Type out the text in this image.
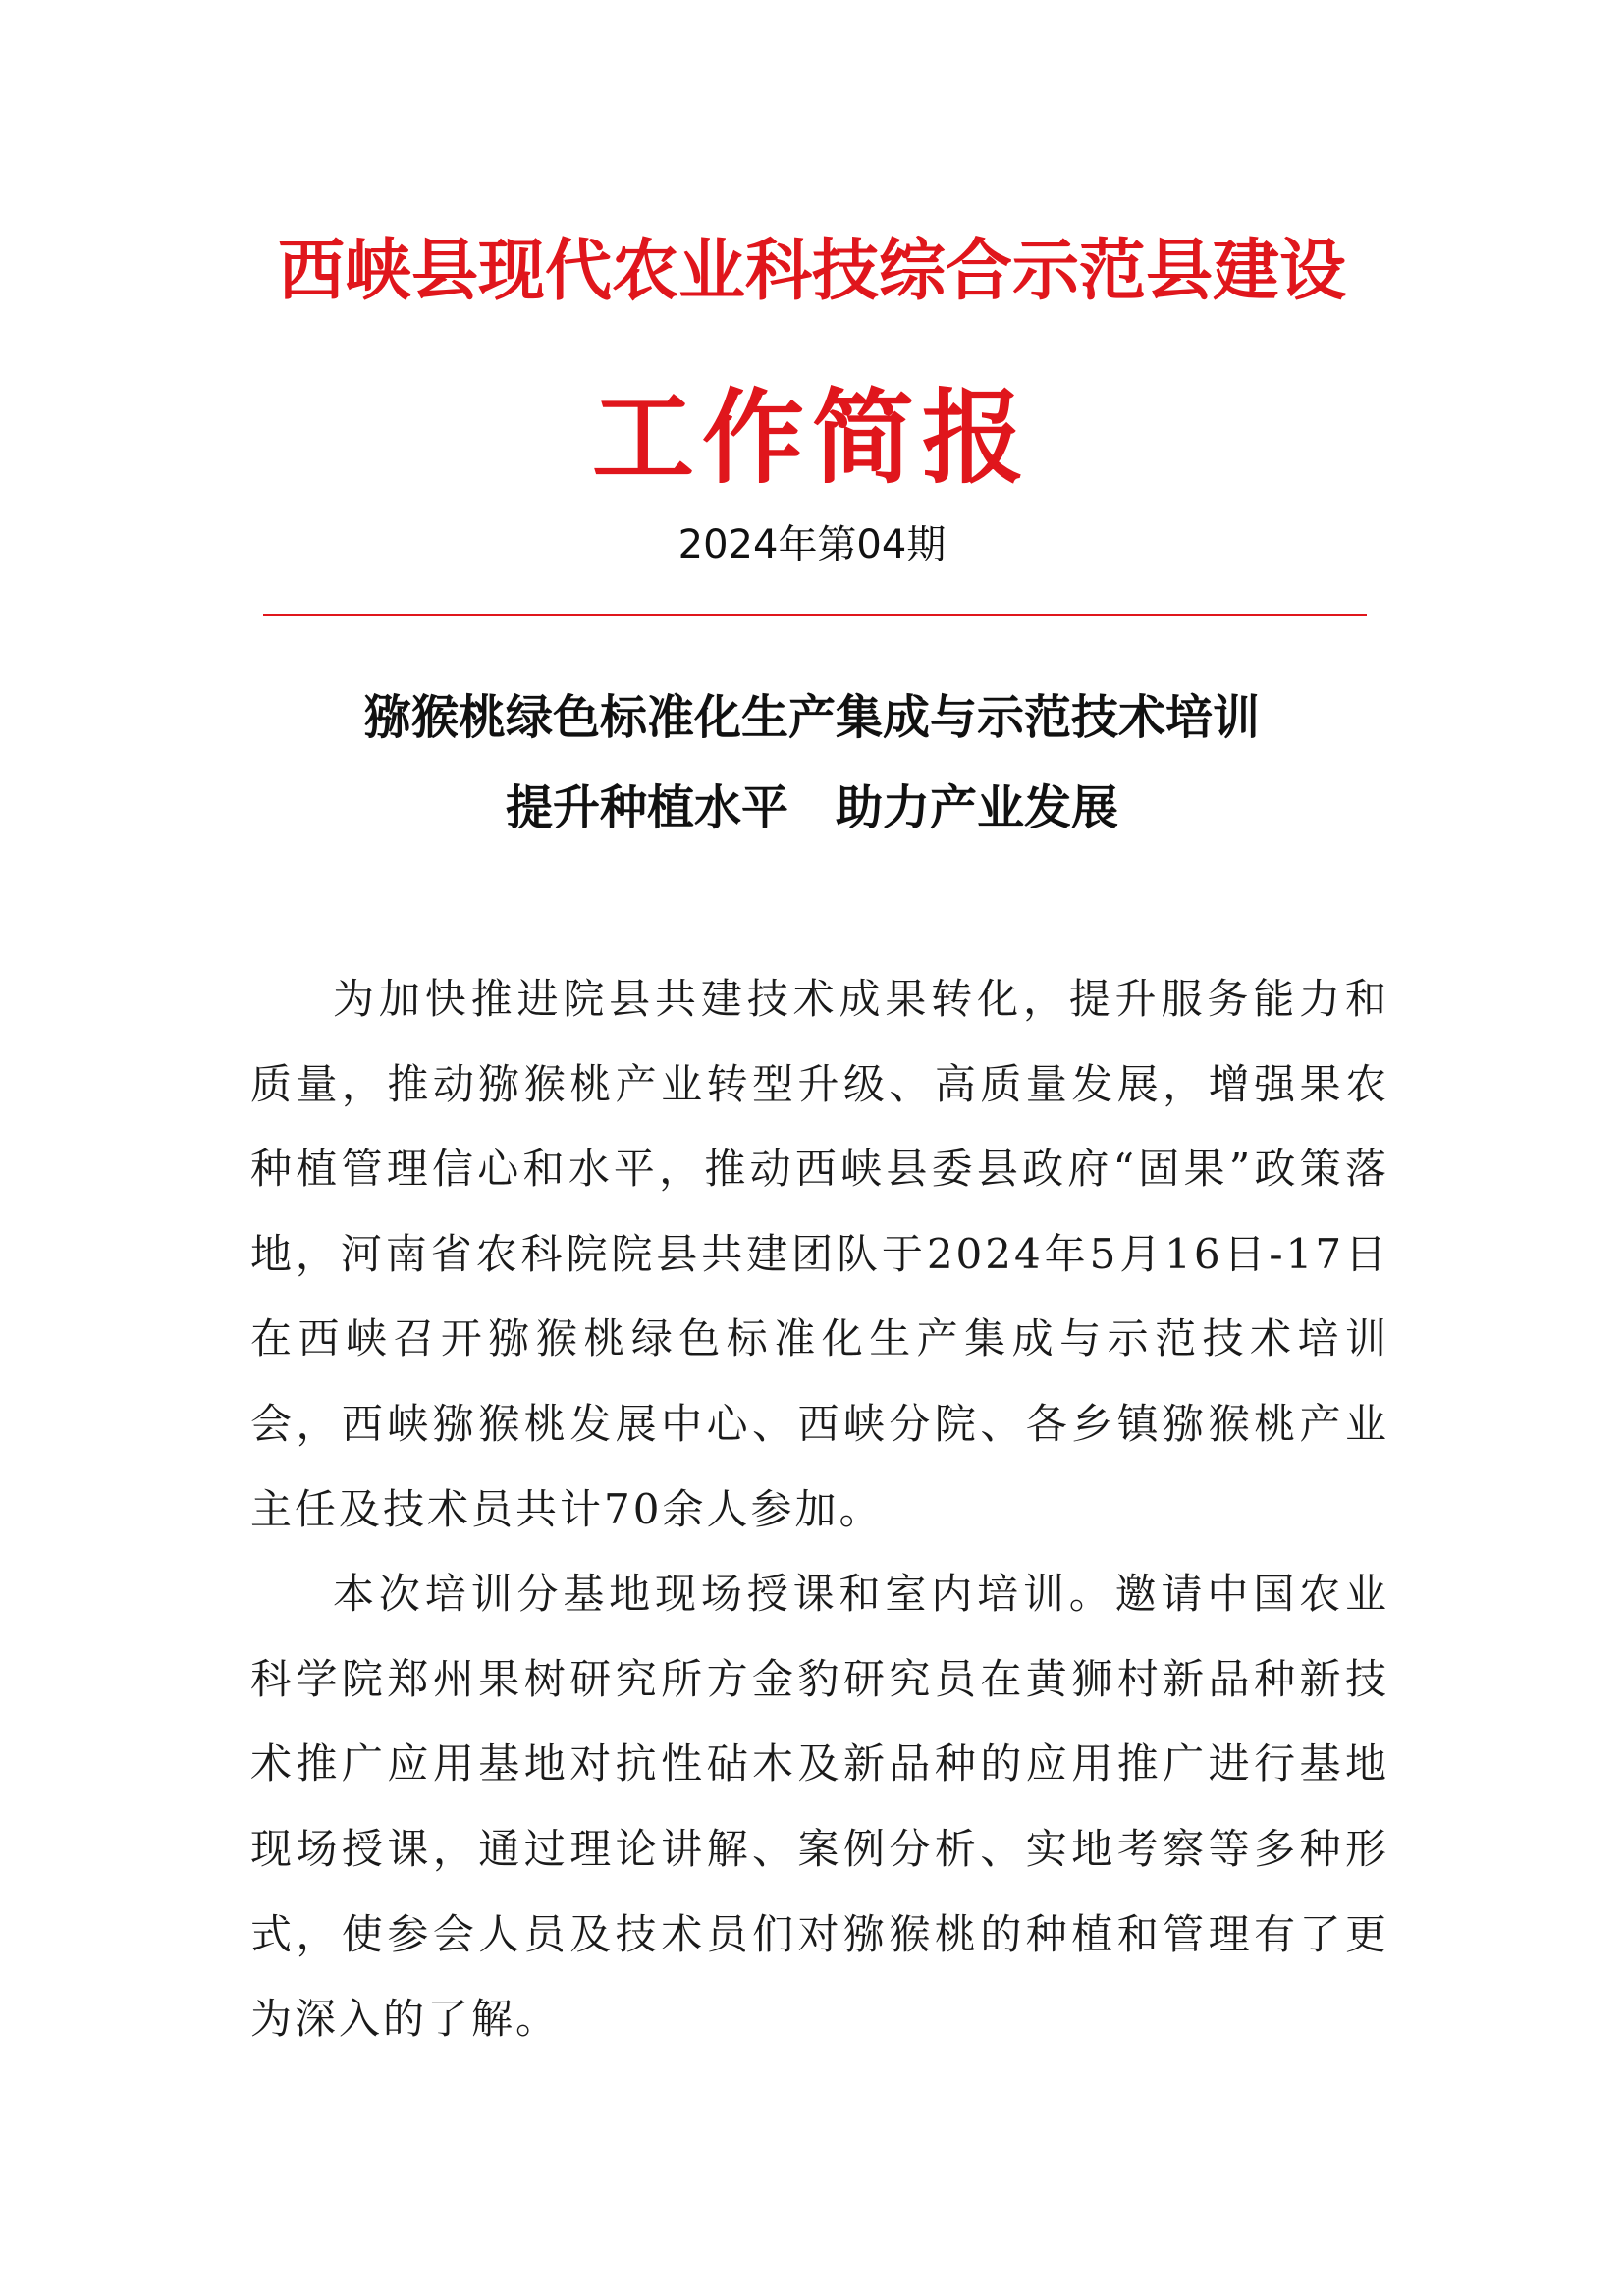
西峡县现代农业科技综合示范县建设
工作简报
2024年第04期
猕猴桃绿色标准化生产集成与示范技术培训
提升种植水平　助力产业发展

为加快推进院县共建技术成果转化，提升服务能力和质量，推动猕猴桃产业转型升级、高质量发展，增强果农种植管理信心和水平，推动西峡县委县政府“固果”政策落地，河南省农科院院县共建团队于2024年5月16日-17日在西峡召开猕猴桃绿色标准化生产集成与示范技术培训会，西峡猕猴桃发展中心、西峡分院、各乡镇猕猴桃产业主任及技术员共计70余人参加。

本次培训分基地现场授课和室内培训。邀请中国农业科学院郑州果树研究所方金豹研究员在黄狮村新品种新技术推广应用基地对抗性砧木及新品种的应用推广进行基地现场授课，通过理论讲解、案例分析、实地考察等多种形式，使参会人员及技术员们对猕猴桃的种植和管理有了更为深入的了解。
